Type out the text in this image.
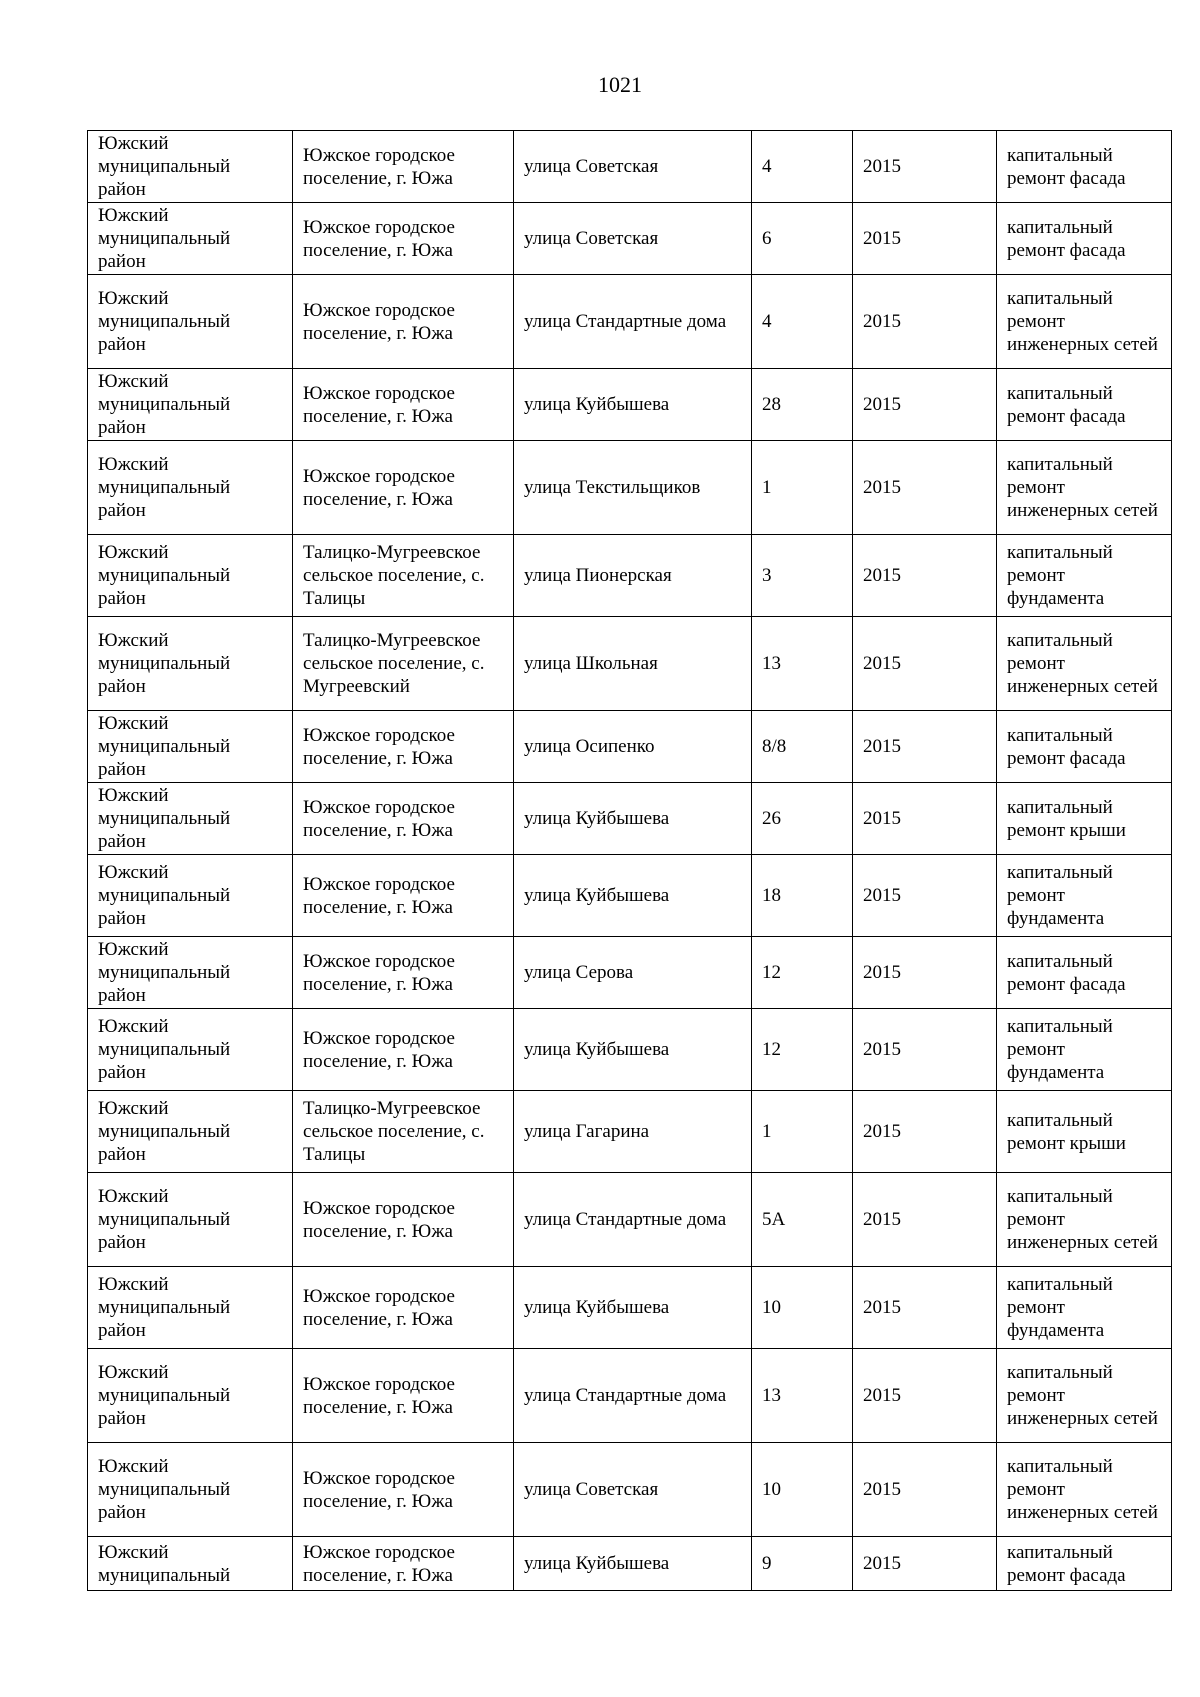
1021
Южский муниципальный район	Южское городское поселение, г. Южа	улица Советская	4	2015	капитальный ремонт фасада
Южский муниципальный район	Южское городское поселение, г. Южа	улица Советская	6	2015	капитальный ремонт фасада
Южский муниципальный район	Южское городское поселение, г. Южа	улица Стандартные дома	4	2015	капитальный ремонт инженерных сетей
Южский муниципальный район	Южское городское поселение, г. Южа	улица Куйбышева	28	2015	капитальный ремонт фасада
Южский муниципальный район	Южское городское поселение, г. Южа	улица Текстильщиков	1	2015	капитальный ремонт инженерных сетей
Южский муниципальный район	Талицко-Мугреевское сельское поселение, с. Талицы	улица Пионерская	3	2015	капитальный ремонт фундамента
Южский муниципальный район	Талицко-Мугреевское сельское поселение, с. Мугреевский	улица Школьная	13	2015	капитальный ремонт инженерных сетей
Южский муниципальный район	Южское городское поселение, г. Южа	улица Осипенко	8/8	2015	капитальный ремонт фасада
Южский муниципальный район	Южское городское поселение, г. Южа	улица Куйбышева	26	2015	капитальный ремонт крыши
Южский муниципальный район	Южское городское поселение, г. Южа	улица Куйбышева	18	2015	капитальный ремонт фундамента
Южский муниципальный район	Южское городское поселение, г. Южа	улица Серова	12	2015	капитальный ремонт фасада
Южский муниципальный район	Южское городское поселение, г. Южа	улица Куйбышева	12	2015	капитальный ремонт фундамента
Южский муниципальный район	Талицко-Мугреевское сельское поселение, с. Талицы	улица Гагарина	1	2015	капитальный ремонт крыши
Южский муниципальный район	Южское городское поселение, г. Южа	улица Стандартные дома	5А	2015	капитальный ремонт инженерных сетей
Южский муниципальный район	Южское городское поселение, г. Южа	улица Куйбышева	10	2015	капитальный ремонт фундамента
Южский муниципальный район	Южское городское поселение, г. Южа	улица Стандартные дома	13	2015	капитальный ремонт инженерных сетей
Южский муниципальный район	Южское городское поселение, г. Южа	улица Советская	10	2015	капитальный ремонт инженерных сетей
Южский муниципальный	Южское городское поселение, г. Южа	улица Куйбышева	9	2015	капитальный ремонт фасада
